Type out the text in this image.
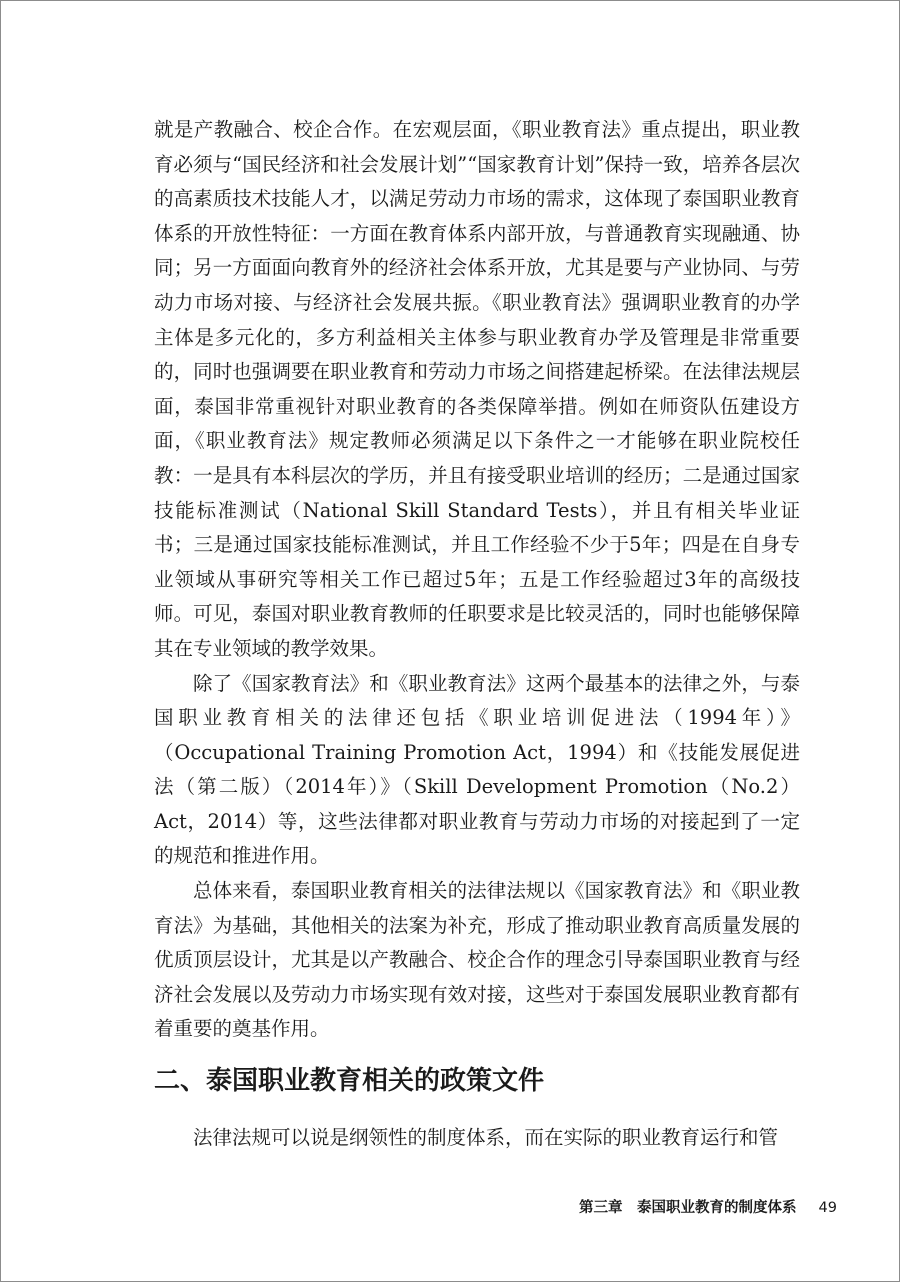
就是产教融合、校企合作。在宏观层面，《职业教育法》重点提出，职业教育必须与“国民经济和社会发展计划”“国家教育计划”保持一致，培养各层次的高素质技术技能人才，以满足劳动力市场的需求，这体现了泰国职业教育体系的开放性特征：一方面在教育体系内部开放，与普通教育实现融通、协同；另一方面面向教育外的经济社会体系开放，尤其是要与产业协同、与劳动力市场对接、与经济社会发展共振。《职业教育法》强调职业教育的办学主体是多元化的，多方利益相关主体参与职业教育办学及管理是非常重要的，同时也强调要在职业教育和劳动力市场之间搭建起桥梁。在法律法规层面，泰国非常重视针对职业教育的各类保障举措。例如在师资队伍建设方面，《职业教育法》规定教师必须满足以下条件之一才能够在职业院校任教：一是具有本科层次的学历，并且有接受职业培训的经历；二是通过国家技能标准测试（National Skill Standard Tests），并且有相关毕业证书；三是通过国家技能标准测试，并且工作经验不少于5年；四是在自身专业领域从事研究等相关工作已超过5年；五是工作经验超过3年的高级技师。可见，泰国对职业教育教师的任职要求是比较灵活的，同时也能够保障其在专业领域的教学效果。

除了《国家教育法》和《职业教育法》这两个最基本的法律之外，与泰国职业教育相关的法律还包括《职业培训促进法（1994年）》（Occupational Training Promotion Act，1994）和《技能发展促进法（第二版）（2014年）》（Skill Development Promotion（No.2）Act，2014）等，这些法律都对职业教育与劳动力市场的对接起到了一定的规范和推进作用。

总体来看，泰国职业教育相关的法律法规以《国家教育法》和《职业教育法》为基础，其他相关的法案为补充，形成了推动职业教育高质量发展的优质顶层设计，尤其是以产教融合、校企合作的理念引导泰国职业教育与经济社会发展以及劳动力市场实现有效对接，这些对于泰国发展职业教育都有着重要的奠基作用。

二、泰国职业教育相关的政策文件

法律法规可以说是纲领性的制度体系，而在实际的职业教育运行和管

第三章　泰国职业教育的制度体系 49
